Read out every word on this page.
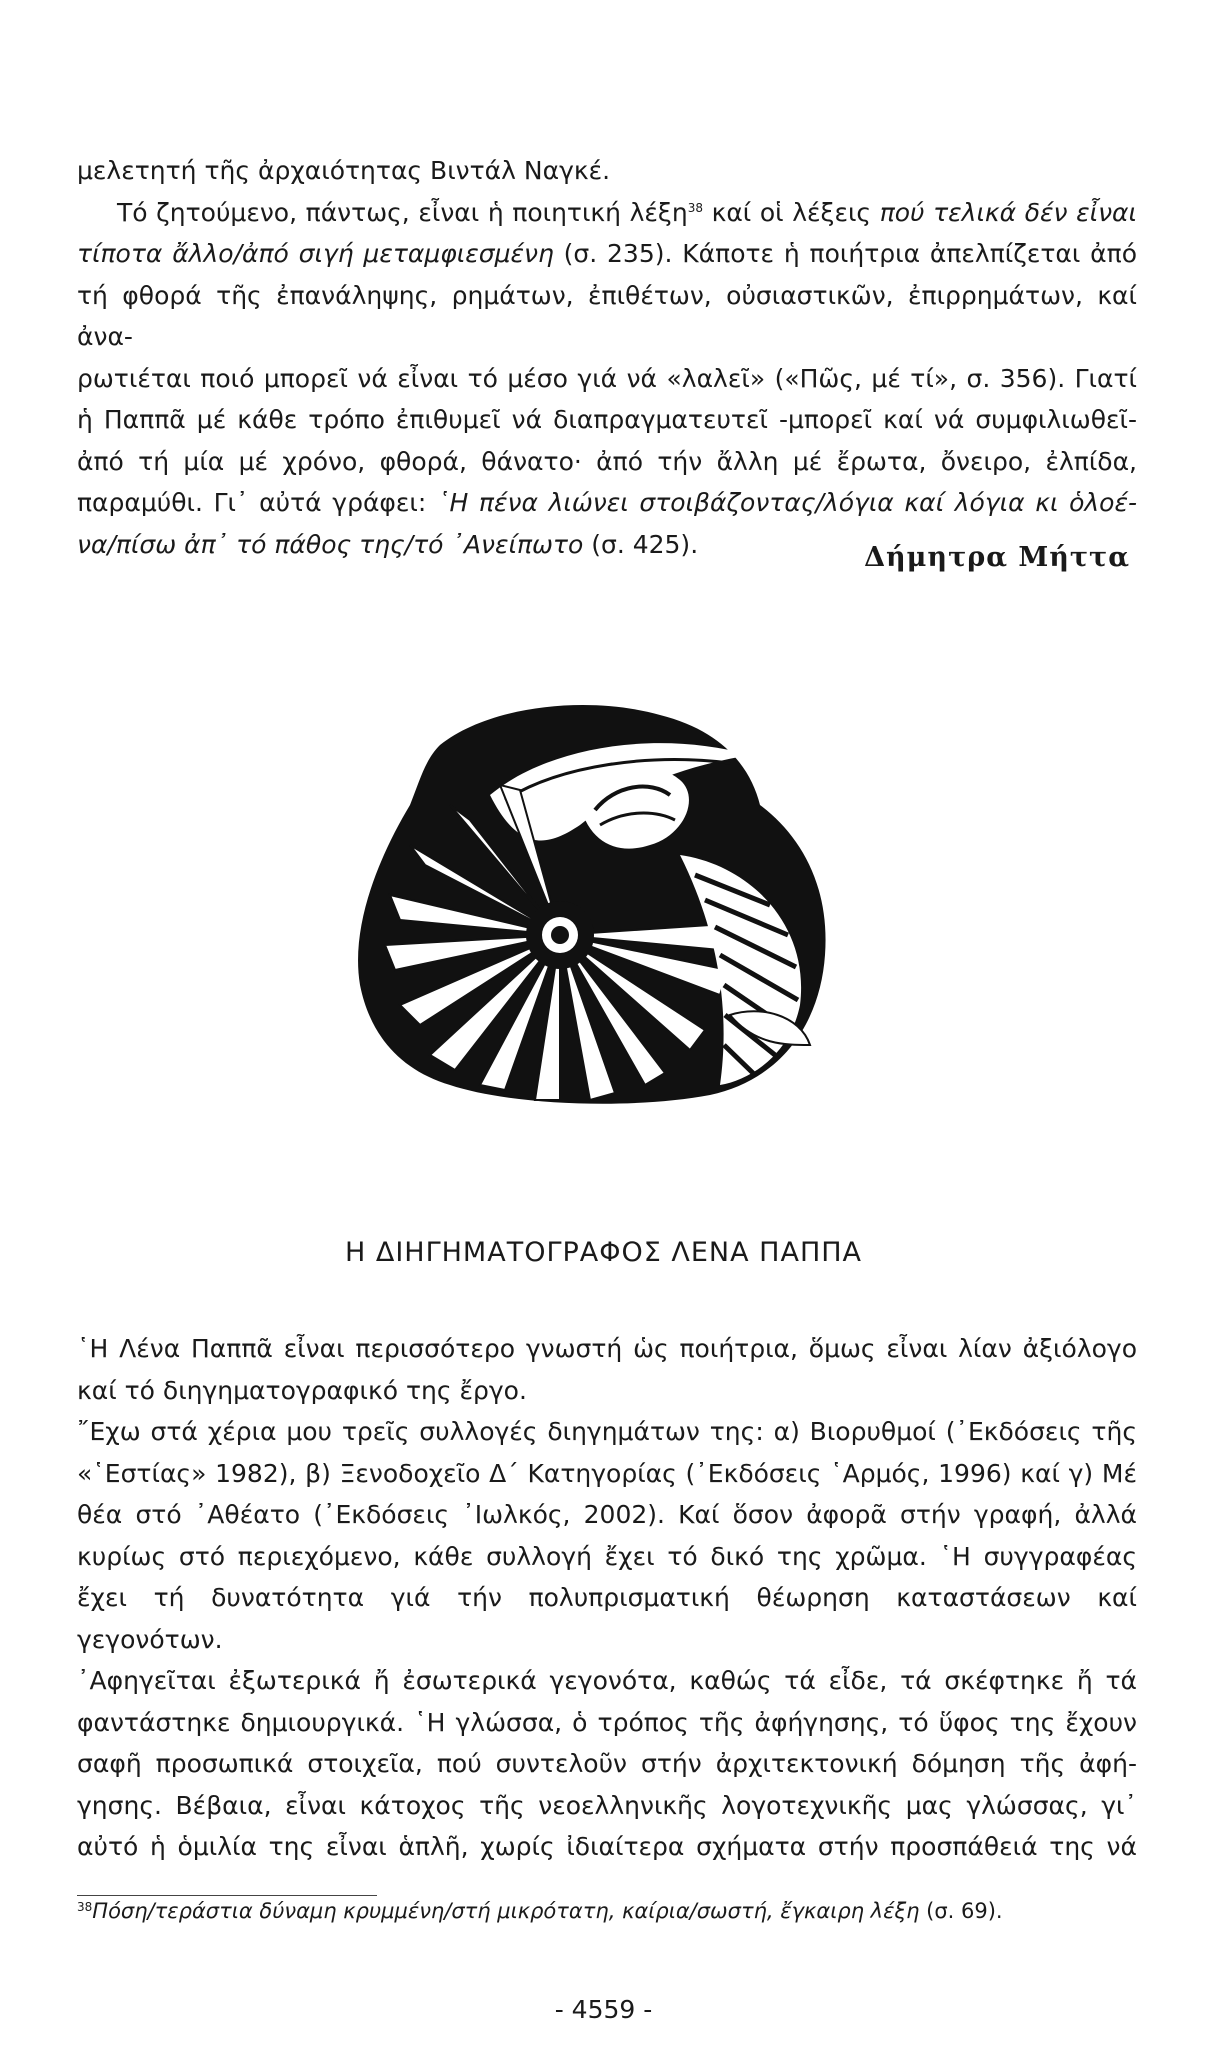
μελετητή τῆς ἀρχαιότητας Βιντάλ Ναγκέ.

Τό ζητούμενο, πάντως, εἶναι ἡ ποιητική λέξη$^{38}$ καί οἱ λέξεις πού τελικά δέν εἶναι

τίποτα ἄλλο/ἀπό σιγή μεταμφιεσμένη (σ. 235). Κάποτε ἡ ποιήτρια ἀπελπίζεται ἀπό

τή φθορά τῆς ἐπανάληψης, ρημάτων, ἐπιθέτων, οὐσιαστικῶν, ἐπιρρημάτων, καί ἀνα-

ρωτιέται ποιό μπορεῖ νά εἶναι τό μέσο γιά νά «λαλεῖ» («Πῶς, μέ τί», σ. 356). Γιατί

ἡ Παππᾶ μέ κάθε τρόπο ἐπιθυμεῖ νά διαπραγματευτεῖ -μπορεῖ καί νά συμφιλιωθεῖ-

ἀπό τή μία μέ χρόνο, φθορά, θάνατο· ἀπό τήν ἄλλη μέ ἔρωτα, ὄνειρο, ἐλπίδα,

παραμύθι. Γι᾽ αὐτά γράφει: ῾Η πένα λιώνει στοιβάζοντας/λόγια καί λόγια κι ὁλοέ-

να/πίσω ἀπ᾽ τό πάθος της/τό ᾽Ανείπωτο (σ. 425).	Δήμητρα Μήττα
Η ΔΙΗΓΗΜΑΤΟΓΡΑΦΟΣ ΛΕΝΑ ΠΑΠΠΑ

῾Η Λένα Παππᾶ εἶναι περισσότερο γνωστή ὡς ποιήτρια, ὅμως εἶναι λίαν ἀξιόλογο

καί τό διηγηματογραφικό της ἔργο.

῎Εχω στά χέρια μου τρεῖς συλλογές διηγημάτων της: α) Βιορυθμοί (᾽Εκδόσεις τῆς

«῾Εστίας» 1982), β) Ξενοδοχεῖο Δ΄ Κατηγορίας (᾽Εκδόσεις ῾Αρμός, 1996) καί γ) Μέ

θέα στό ᾽Αθέατο (᾽Εκδόσεις ᾽Ιωλκός, 2002). Καί ὅσον ἀφορᾶ στήν γραφή, ἀλλά

κυρίως στό περιεχόμενο, κάθε συλλογή ἔχει τό δικό της χρῶμα. ῾Η συγγραφέας

ἔχει τή δυνατότητα γιά τήν πολυπρισματική θέωρηση καταστάσεων καί γεγονότων.

᾽Αφηγεῖται ἐξωτερικά ἤ ἐσωτερικά γεγονότα, καθώς τά εἶδε, τά σκέφτηκε ἤ τά

φαντάστηκε δημιουργικά. ῾Η γλώσσα, ὁ τρόπος τῆς ἀφήγησης, τό ὕφος της ἔχουν

σαφῆ προσωπικά στοιχεῖα, πού συντελοῦν στήν ἀρχιτεκτονική δόμηση τῆς ἀφή-

γησης. Βέβαια, εἶναι κάτοχος τῆς νεοελληνικῆς λογοτεχνικῆς μας γλώσσας, γι᾽

αὐτό ἡ ὁμιλία της εἶναι ἁπλῆ, χωρίς ἰδιαίτερα σχήματα στήν προσπάθειά της νά

$^{38}$Πόση/τεράστια δύναμη κρυμμένη/στή μικρότατη, καίρια/σωστή, ἔγκαιρη λέξη (σ. 69).
- 4559 -
